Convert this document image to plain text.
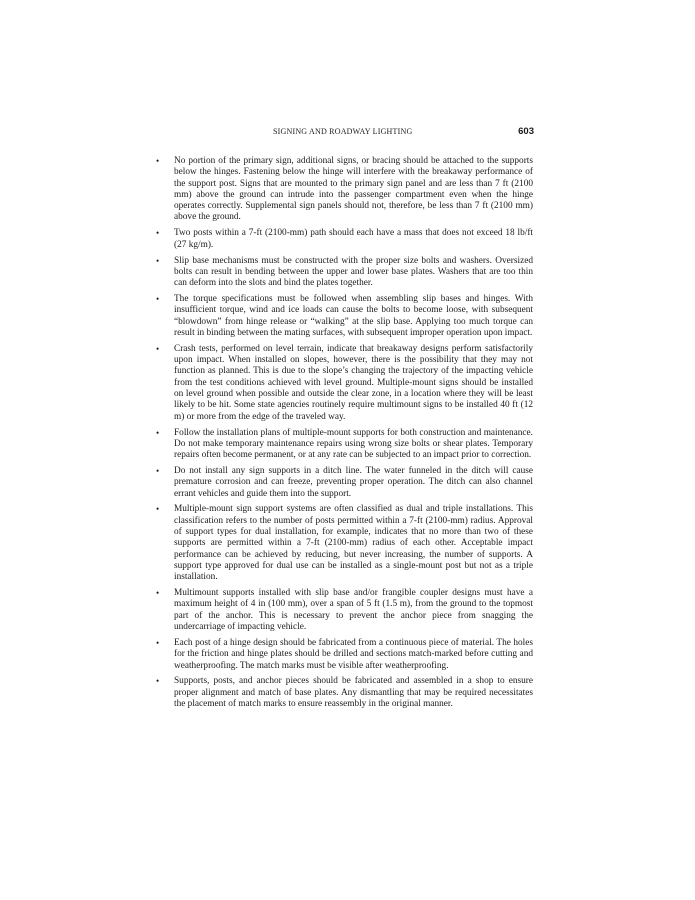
SIGNING AND ROADWAY LIGHTING	603
• No portion of the primary sign, additional signs, or bracing should be attached to the supports below the hinges. Fastening below the hinge will interfere with the breakaway performance of the support post. Signs that are mounted to the primary sign panel and are less than 7 ft (2100 mm) above the ground can intrude into the passenger compartment even when the hinge operates correctly. Supplemental sign panels should not, therefore, be less than 7 ft (2100 mm) above the ground.
• Two posts within a 7-ft (2100-mm) path should each have a mass that does not exceed 18 lb/ft (27 kg/m).
• Slip base mechanisms must be constructed with the proper size bolts and washers. Oversized bolts can result in bending between the upper and lower base plates. Washers that are too thin can deform into the slots and bind the plates together.
• The torque specifications must be followed when assembling slip bases and hinges. With insufficient torque, wind and ice loads can cause the bolts to become loose, with subsequent “blowdown” from hinge release or “walking” at the slip base. Applying too much torque can result in binding between the mating surfaces, with subsequent improper operation upon impact.
• Crash tests, performed on level terrain, indicate that breakaway designs perform satisfactorily upon impact. When installed on slopes, however, there is the possibility that they may not function as planned. This is due to the slope’s changing the trajectory of the impacting vehicle from the test conditions achieved with level ground. Multiple-mount signs should be installed on level ground when possible and outside the clear zone, in a location where they will be least likely to be hit. Some state agencies routinely require multimount signs to be installed 40 ft (12 m) or more from the edge of the traveled way.
• Follow the installation plans of multiple-mount supports for both construction and maintenance. Do not make temporary maintenance repairs using wrong size bolts or shear plates. Temporary repairs often become permanent, or at any rate can be subjected to an impact prior to correction.
• Do not install any sign supports in a ditch line. The water funneled in the ditch will cause premature corrosion and can freeze, preventing proper operation. The ditch can also channel errant vehicles and guide them into the support.
• Multiple-mount sign support systems are often classified as dual and triple installations. This classification refers to the number of posts permitted within a 7-ft (2100-mm) radius. Approval of support types for dual installation, for example, indicates that no more than two of these supports are permitted within a 7-ft (2100-mm) radius of each other. Acceptable impact performance can be achieved by reducing, but never increasing, the number of supports. A support type approved for dual use can be installed as a single-mount post but not as a triple installation.
• Multimount supports installed with slip base and/or frangible coupler designs must have a maximum height of 4 in (100 mm), over a span of 5 ft (1.5 m), from the ground to the topmost part of the anchor. This is necessary to prevent the anchor piece from snagging the undercarriage of impacting vehicle.
• Each post of a hinge design should be fabricated from a continuous piece of material. The holes for the friction and hinge plates should be drilled and sections match-marked before cutting and weatherproofing. The match marks must be visible after weatherproofing.
• Supports, posts, and anchor pieces should be fabricated and assembled in a shop to ensure proper alignment and match of base plates. Any dismantling that may be required necessitates the placement of match marks to ensure reassembly in the original manner.
